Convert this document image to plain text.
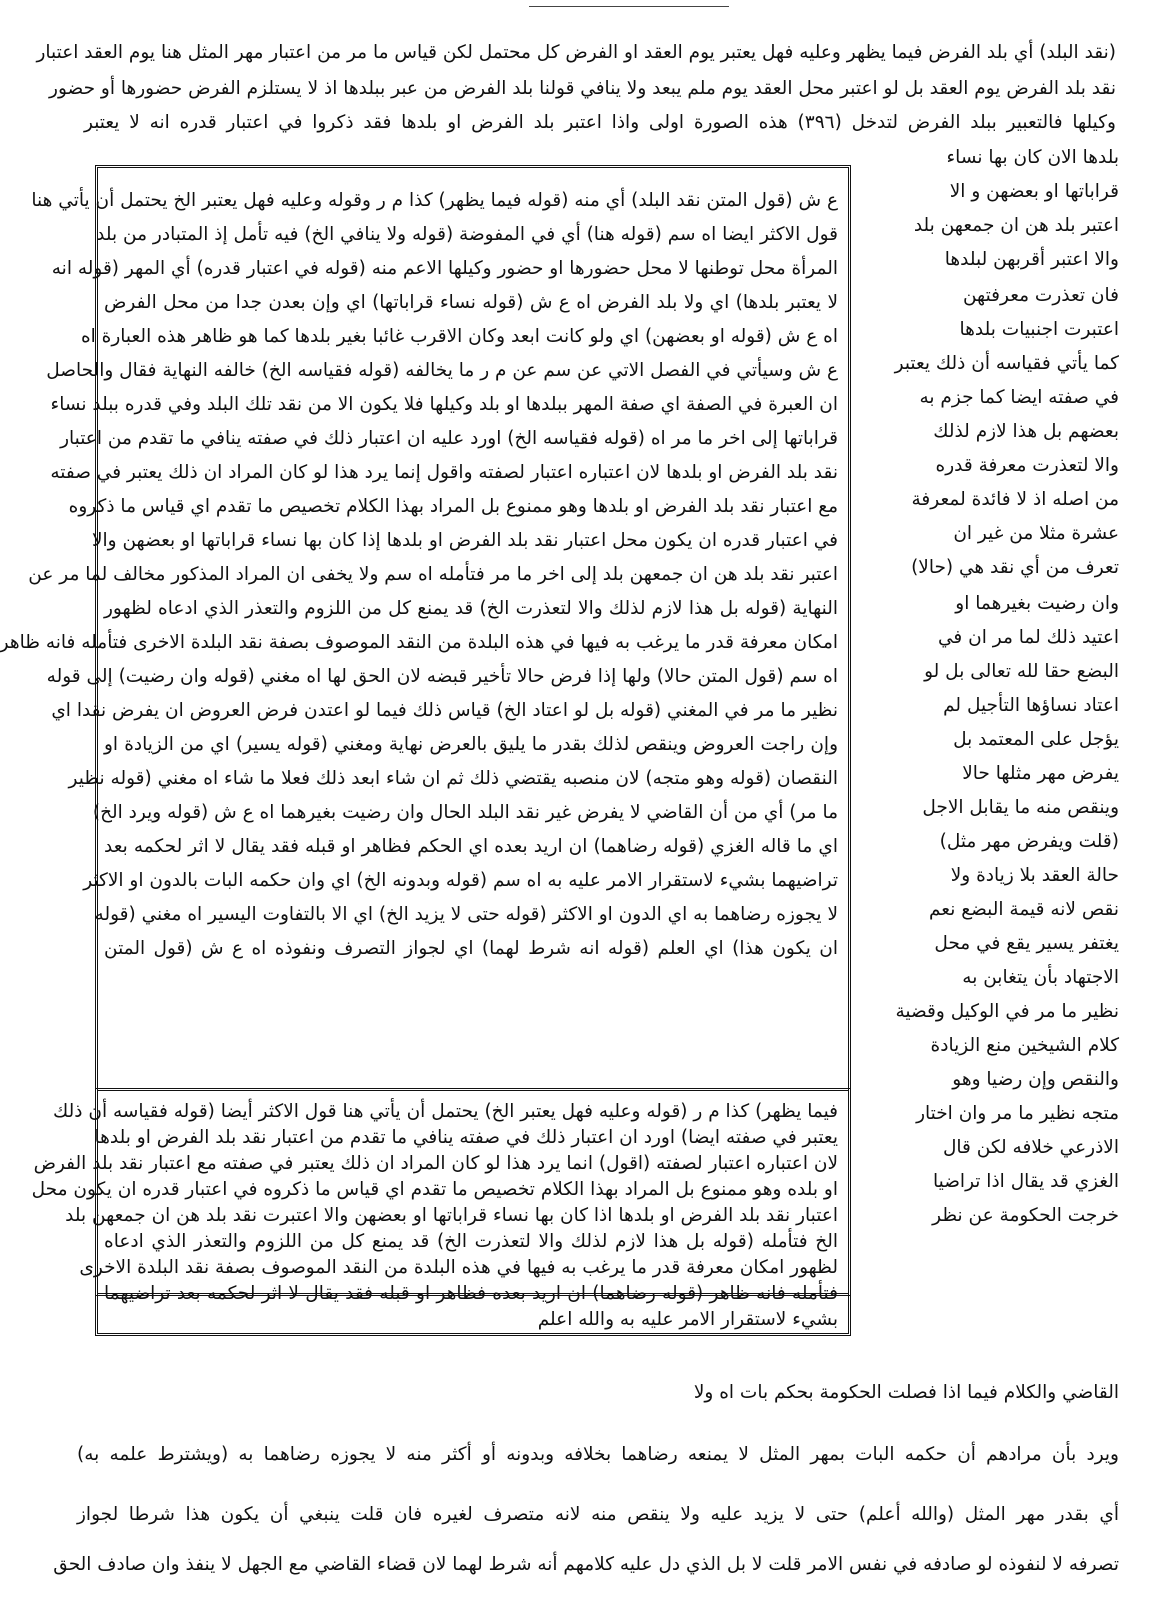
(نقد البلد) أي بلد الفرض فيما يظهر وعليه فهل يعتبر يوم العقد او الفرض كل محتمل لكن قياس ما مر من اعتبار مهر المثل هنا يوم العقد اعتبار
نقد بلد الفرض يوم العقد بل لو اعتبر محل العقد يوم ملم يبعد ولا ينافي قولنا بلد الفرض من عبر ببلدها اذ لا يستلزم الفرض حضورها أو حضور
وكيلها فالتعبير ببلد الفرض لتدخل (٣٩٦) هذه الصورة اولى واذا اعتبر بلد الفرض او بلدها فقد ذكروا في اعتبار قدره انه لا يعتبر
بلدها الان كان بها نساء
قراباتها او بعضهن و الا
اعتبر بلد هن ان جمعهن بلد
والا اعتبر أقربهن لبلدها
فان تعذرت معرفتهن
اعتبرت اجنبيات بلدها
كما يأتي فقياسه أن ذلك يعتبر
في صفته ايضا كما جزم به
بعضهم بل هذا لازم لذلك
والا لتعذرت معرفة قدره
من اصله اذ لا فائدة لمعرفة
عشرة مثلا من غير ان
تعرف من أي نقد هي (حالا)
وان رضيت بغيرهما او
اعتيد ذلك لما مر ان في
البضع حقا لله تعالى بل لو
اعتاد نساؤها التأجيل لم
يؤجل على المعتمد بل
يفرض مهر مثلها حالا
وينقص منه ما يقابل الاجل
(قلت ويفرض مهر مثل)
حالة العقد بلا زيادة ولا
نقص لانه قيمة البضع نعم
يغتفر يسير يقع في محل
الاجتهاد بأن يتغابن به
نظير ما مر في الوكيل وقضية
كلام الشيخين منع الزيادة
والنقص وإن رضيا وهو
متجه نظير ما مر وان اختار
الاذرعي خلافه لكن قال
الغزي قد يقال اذا تراضيا
خرجت الحكومة عن نظر
ع ش (قول المتن نقد البلد) أي منه (قوله فيما يظهر) كذا م ر وقوله وعليه فهل يعتبر الخ يحتمل أن يأتي هنا
قول الاكثر ايضا اه سم (قوله هنا) أي في المفوضة (قوله ولا ينافي الخ) فيه تأمل إذ المتبادر من بلد
المرأة محل توطنها لا محل حضورها او حضور وكيلها الاعم منه (قوله في اعتبار قدره) أي المهر (قوله انه
لا يعتبر بلدها) اي ولا بلد الفرض اه ع ش (قوله نساء قراباتها) اي وإن بعدن جدا من محل الفرض
اه ع ش (قوله او بعضهن) اي ولو كانت ابعد وكان الاقرب غائبا بغير بلدها كما هو ظاهر هذه العبارة اه
ع ش وسيأتي في الفصل الاتي عن سم عن م ر ما يخالفه (قوله فقياسه الخ) خالفه النهاية فقال والحاصل
ان العبرة في الصفة اي صفة المهر ببلدها او بلد وكيلها فلا يكون الا من نقد تلك البلد وفي قدره ببلد نساء
قراباتها إلى اخر ما مر اه (قوله فقياسه الخ) اورد عليه ان اعتبار ذلك في صفته ينافي ما تقدم من اعتبار
نقد بلد الفرض او بلدها لان اعتباره اعتبار لصفته واقول إنما يرد هذا لو كان المراد ان ذلك يعتبر في صفته
مع اعتبار نقد بلد الفرض او بلدها وهو ممنوع بل المراد بهذا الكلام تخصيص ما تقدم اي قياس ما ذكروه
في اعتبار قدره ان يكون محل اعتبار نقد بلد الفرض او بلدها إذا كان بها نساء قراباتها او بعضهن والا
اعتبر نقد بلد هن ان جمعهن بلد إلى اخر ما مر فتأمله اه سم ولا يخفى ان المراد المذكور مخالف لما مر عن
النهاية (قوله بل هذا لازم لذلك والا لتعذرت الخ) قد يمنع كل من اللزوم والتعذر الذي ادعاه لظهور
امكان معرفة قدر ما يرغب به فيها في هذه البلدة من النقد الموصوف بصفة نقد البلدة الاخرى فتأمله فانه ظاهر
اه سم (قول المتن حالا) ولها إذا فرض حالا تأخير قبضه لان الحق لها اه مغني (قوله وان رضيت) إلى قوله
نظير ما مر في المغني (قوله بل لو اعتاد الخ) قياس ذلك فيما لو اعتدن فرض العروض ان يفرض نقدا اي
وإن راجت العروض وينقص لذلك بقدر ما يليق بالعرض نهاية ومغني (قوله يسير) اي من الزيادة او
النقصان (قوله وهو متجه) لان منصبه يقتضي ذلك ثم ان شاء ابعد ذلك فعلا ما شاء اه مغني (قوله نظير
ما مر) أي من أن القاضي لا يفرض غير نقد البلد الحال وان رضيت بغيرهما اه ع ش (قوله ويرد الخ)
اي ما قاله الغزي (قوله رضاهما) ان اريد بعده اي الحكم فظاهر او قبله فقد يقال لا اثر لحكمه بعد
تراضيهما بشيء لاستقرار الامر عليه به اه سم (قوله وبدونه الخ) اي وان حكمه البات بالدون او الاكثر
لا يجوزه رضاهما به اي الدون او الاكثر (قوله حتى لا يزيد الخ) اي الا بالتفاوت اليسير اه مغني (قوله
ان يكون هذا) اي العلم (قوله انه شرط لهما) اي لجواز التصرف ونفوذه اه ع ش (قول المتن
فيما يظهر) كذا م ر (قوله وعليه فهل يعتبر الخ) يحتمل أن يأتي هنا قول الاكثر أيضا (قوله فقياسه أن ذلك
يعتبر في صفته ايضا) اورد ان اعتبار ذلك في صفته ينافي ما تقدم من اعتبار نقد بلد الفرض او بلدها
لان اعتباره اعتبار لصفته (اقول) انما يرد هذا لو كان المراد ان ذلك يعتبر في صفته مع اعتبار نقد بلد الفرض
او بلده وهو ممنوع بل المراد بهذا الكلام تخصيص ما تقدم اي قياس ما ذكروه في اعتبار قدره ان يكون محل
اعتبار نقد بلد الفرض او بلدها اذا كان بها نساء قراباتها او بعضهن والا اعتبرت نقد بلد هن ان جمعهن بلد
الخ فتأمله (قوله بل هذا لازم لذلك والا لتعذرت الخ) قد يمنع كل من اللزوم والتعذر الذي ادعاه
لظهور امكان معرفة قدر ما يرغب به فيها في هذه البلدة من النقد الموصوف بصفة نقد البلدة الاخرى
فتأمله فانه ظاهر (قوله رضاهما) ان اريد بعده فظاهر او قبله فقد يقال لا اثر لحكمه بعد تراضيهما
بشيء لاستقرار الامر عليه به والله اعلم
القاضي والكلام فيما اذا فصلت الحكومة بحكم بات اه ولا
ويرد بأن مرادهم أن حكمه البات بمهر المثل لا يمنعه رضاهما بخلافه وبدونه أو أكثر منه لا يجوزه رضاهما به (ويشترط علمه به)
أي بقدر مهر المثل (والله أعلم) حتى لا يزيد عليه ولا ينقص منه لانه متصرف لغيره فان قلت ينبغي أن يكون هذا شرطا لجواز
تصرفه لا لنفوذه لو صادفه في نفس الامر قلت لا بل الذي دل عليه كلامهم أنه شرط لهما لان قضاء القاضي مع الجهل لا ينفذ وان صادف الحق
